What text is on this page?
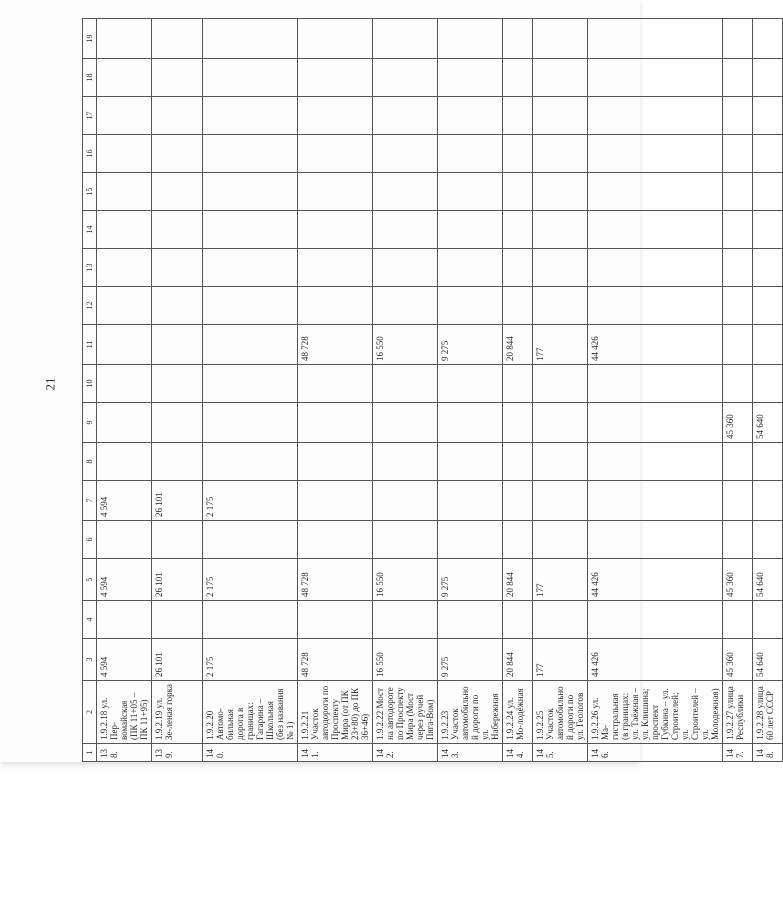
21
1	2	3	4	5	6	7	8	9	10	11	12	13	14	15	16	17	18	19
138.	1.9.2.18 ул. Пер-вомайская (ПК 11+05 – ПК 11+95)	4 594		4 594		4 594												
139.	1.9.2.19 ул. Зе-леная горка	26 101		26 101		26 101												
140.	1.9.2.20 Автомо-бильная дорога в границах: Гагарина – Школьная (без названия № 1)	2 175		2 175		2 175												
141.	1.9.2.21 Участок автодороги по Проспекту Мира (от ПК 23+80) до ПК 36+46)	48 728		48 728						48 728								
142.	1.9.2.22 Мост на автодороге по Проспекту Мира (Мост через ручей Пяга-Вом)	16 550		16 550						16 550								
143.	1.9.2.23 Участок автомобильной дороги по ул. Набережная	9 275		9 275						9 275								
144.	1.9.2.24 ул. Мо-лодёжная	20 844		20 844						20 844								
145.	1.9.2.25 Участок автомобильной дороги по ул. Геологов	177		177						177								
146.	1.9.2.26 ул. Ма-гистральная (в границах: ул. Таёжная – ул. Клишина; проспект Губкина – ул. Строителей; ул. Строителей – ул. Молодежная)	44 426		44 426						44 426								
147.	1.9.2.27 улица Республики	45 360		45 360				45 360										
148.	1.9.2.28 улица 60 лет СССР	54 640		54 640				54 640										
